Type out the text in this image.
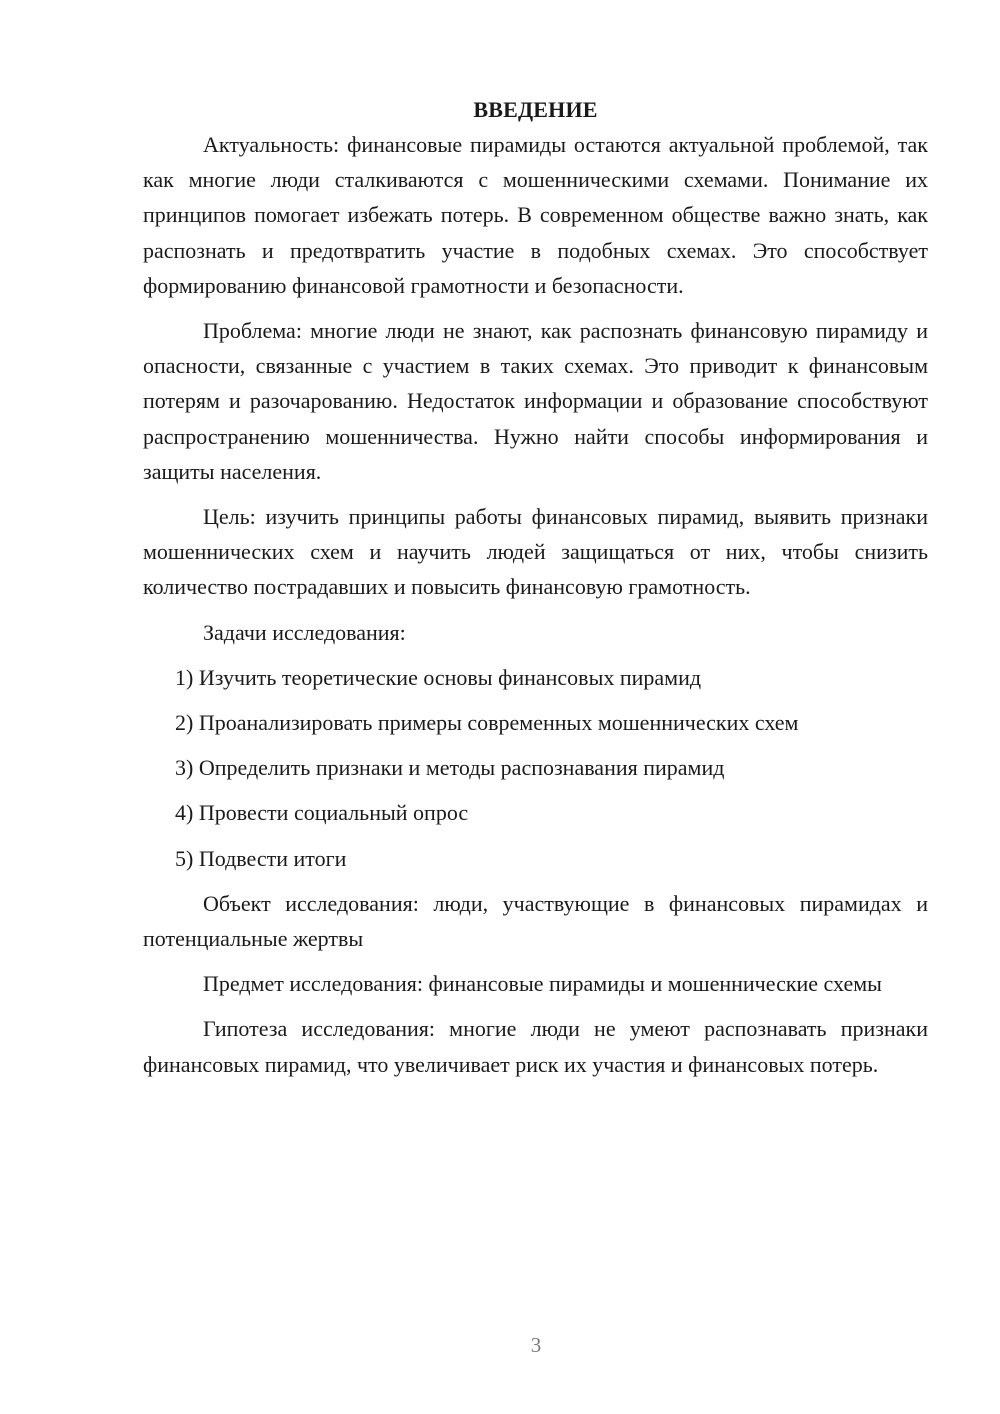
ВВЕДЕНИЕ

Актуальность: финансовые пирамиды остаются актуальной проблемой, так как многие люди сталкиваются с мошенническими схемами. Понимание их принципов помогает избежать потерь. В современном обществе важно знать, как распознать и предотвратить участие в подобных схемах. Это способствует формированию финансовой грамотности и безопасности.

Проблема: многие люди не знают, как распознать финансовую пирамиду и опасности, связанные с участием в таких схемах. Это приводит к финансовым потерям и разочарованию. Недостаток информации и образование способствуют распространению мошенничества. Нужно найти способы информирования и защиты населения.

Цель: изучить принципы работы финансовых пирамид, выявить признаки мошеннических схем и научить людей защищаться от них, чтобы снизить количество пострадавших и повысить финансовую грамотность.

Задачи исследования:

1) Изучить теоретические основы финансовых пирамид
2) Проанализировать примеры современных мошеннических схем
3) Определить признаки и методы распознавания пирамид
4) Провести социальный опрос
5) Подвести итоги

Объект исследования: люди, участвующие в финансовых пирамидах и потенциальные жертвы

Предмет исследования: финансовые пирамиды и мошеннические схемы

Гипотеза исследования: многие люди не умеют распознавать признаки финансовых пирамид, что увеличивает риск их участия и финансовых потерь.

3
